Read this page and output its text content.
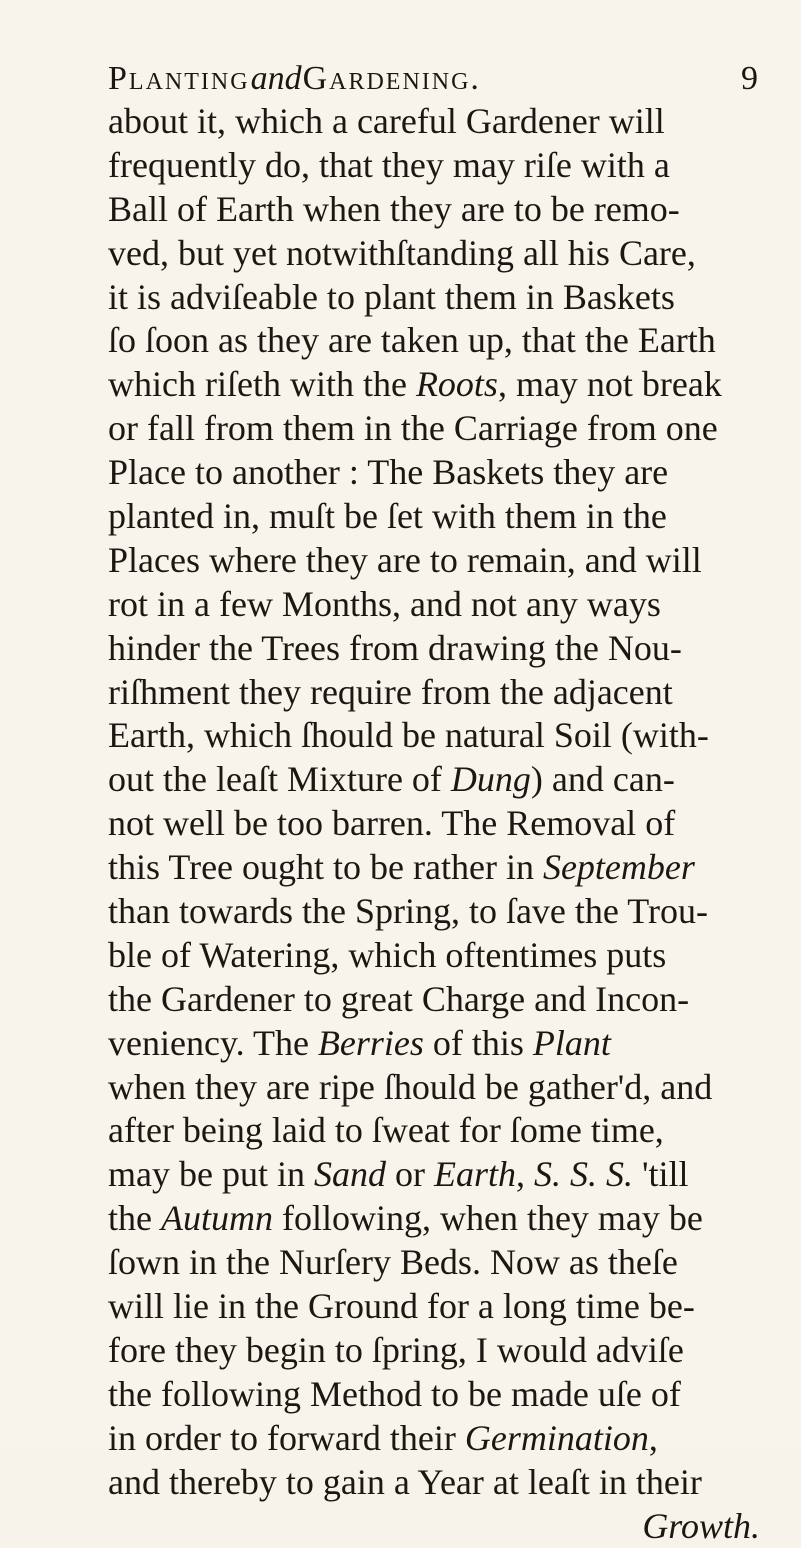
PlantingandGardening.	9
about it, which a careful Gardener will
frequently do, that they may riſe with a
Ball of Earth when they are to be remo-
ved, but yet notwithſtanding all his Care,
it is adviſeable to plant them in Baskets
ſo ſoon as they are taken up, that the Earth
which riſeth with the Roots, may not break
or fall from them in the Carriage from one
Place to another : The Baskets they are
planted in, muſt be ſet with them in the
Places where they are to remain, and will
rot in a few Months, and not any ways
hinder the Trees from drawing the Nou-
riſhment they require from the adjacent
Earth, which ſhould be natural Soil (with-
out the leaſt Mixture of Dung) and can-
not well be too barren. The Removal of
this Tree ought to be rather in September
than towards the Spring, to ſave the Trou-
ble of Watering, which oftentimes puts
the Gardener to great Charge and Incon-
veniency. The Berries of this Plant
when they are ripe ſhould be gather'd, and
after being laid to ſweat for ſome time,
may be put in Sand or Earth, S. S. S. 'till
the Autumn following, when they may be
ſown in the Nurſery Beds. Now as theſe
will lie in the Ground for a long time be-
fore they begin to ſpring, I would adviſe
the following Method to be made uſe of
in order to forward their Germination,
and thereby to gain a Year at leaſt in their
Growth.
